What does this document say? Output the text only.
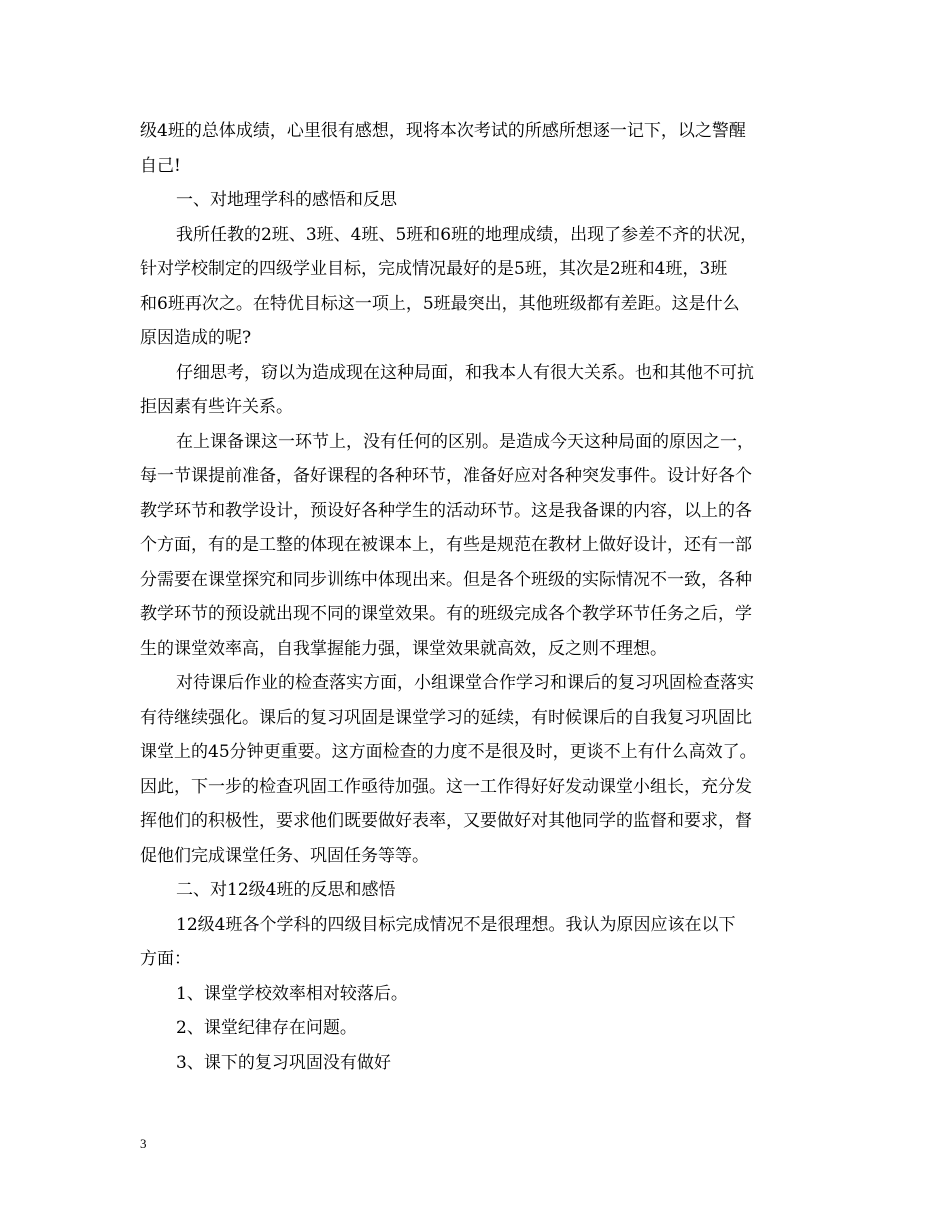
级4班的总体成绩，心里很有感想，现将本次考试的所感所想逐一记下，以之警醒
自己!
一、对地理学科的感悟和反思
我所任教的2班、3班、4班、5班和6班的地理成绩，出现了参差不齐的状况，
针对学校制定的四级学业目标，完成情况最好的是5班，其次是2班和4班，3班
和6班再次之。在特优目标这一项上，5班最突出，其他班级都有差距。这是什么
原因造成的呢?
仔细思考，窃以为造成现在这种局面，和我本人有很大关系。也和其他不可抗
拒因素有些许关系。
在上课备课这一环节上，没有任何的区别。是造成今天这种局面的原因之一，
每一节课提前准备，备好课程的各种环节，准备好应对各种突发事件。设计好各个
教学环节和教学设计，预设好各种学生的活动环节。这是我备课的内容，以上的各
个方面，有的是工整的体现在被课本上，有些是规范在教材上做好设计，还有一部
分需要在课堂探究和同步训练中体现出来。但是各个班级的实际情况不一致，各种
教学环节的预设就出现不同的课堂效果。有的班级完成各个教学环节任务之后，学
生的课堂效率高，自我掌握能力强，课堂效果就高效，反之则不理想。
对待课后作业的检查落实方面，小组课堂合作学习和课后的复习巩固检查落实
有待继续强化。课后的复习巩固是课堂学习的延续，有时候课后的自我复习巩固比
课堂上的45分钟更重要。这方面检查的力度不是很及时，更谈不上有什么高效了。
因此，下一步的检查巩固工作亟待加强。这一工作得好好发动课堂小组长，充分发
挥他们的积极性，要求他们既要做好表率，又要做好对其他同学的监督和要求，督
促他们完成课堂任务、巩固任务等等。
二、对12级4班的反思和感悟
12级4班各个学科的四级目标完成情况不是很理想。我认为原因应该在以下
方面：
1、课堂学校效率相对较落后。
2、课堂纪律存在问题。
3、课下的复习巩固没有做好
3
